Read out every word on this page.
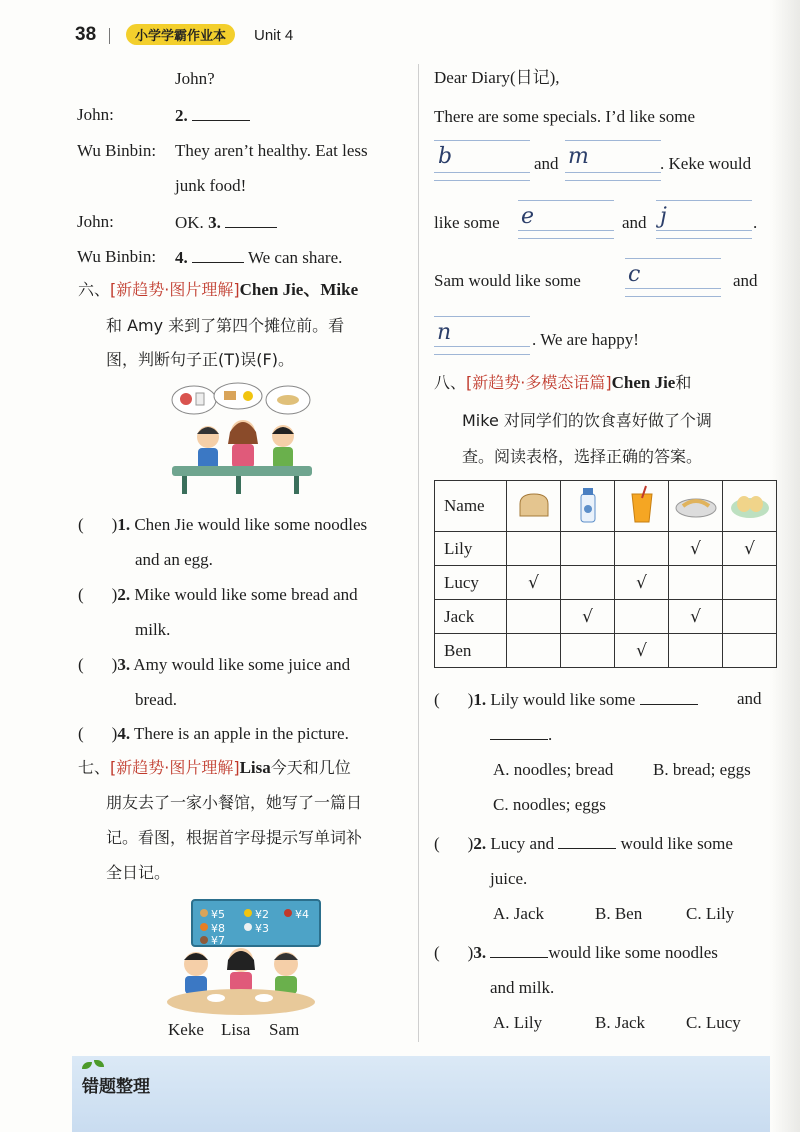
38	小学学霸作业本	Unit 4
John?
John:	2.
Wu Binbin: They aren’t healthy. Eat less
junk food!
John:	OK. 3.
Wu Binbin: 4.	We can share.
六、[新趋势·图片理解]Chen Jie、Mike
和 Amy 来到了第四个摊位前。看
图，判断句子正(T)误(F)。
( )1. Chen Jie would like some noodles
and an egg.
( )2. Mike would like some bread and
milk.
( )3. Amy would like some juice and
bread.
( )4. There is an apple in the picture.
七、[新趋势·图片理解]Lisa今天和几位
朋友去了一家小餐馆，她写了一篇日
记。看图，根据首字母提示写单词补
全日记。
¥5	¥2 ¥4
¥8	¥3
¥7
Keke Lisa Sam
Dear Diary(日记),
There are some specials. I’d like some
b	and m	. Keke would
like some e	and j	.
Sam would like some c	and
n	. We are happy!
八、[新趋势·多模态语篇]Chen Jie和
Mike 对同学们的饮食喜好做了个调
查。阅读表格，选择正确的答案。
Name					
Lily				√	√
Lucy	√		√		
Jack		√		√	
Ben			√		
( )1. Lily would like some	and
.
A. noodles; bread B. bread; eggs
C. noodles; eggs
( )2. Lucy and	would like some
juice.
A. Jack	B. Ben	C. Lily
( )3.	would like some noodles
and milk.
A. Lily	B. Jack C. Lucy
错题整理
